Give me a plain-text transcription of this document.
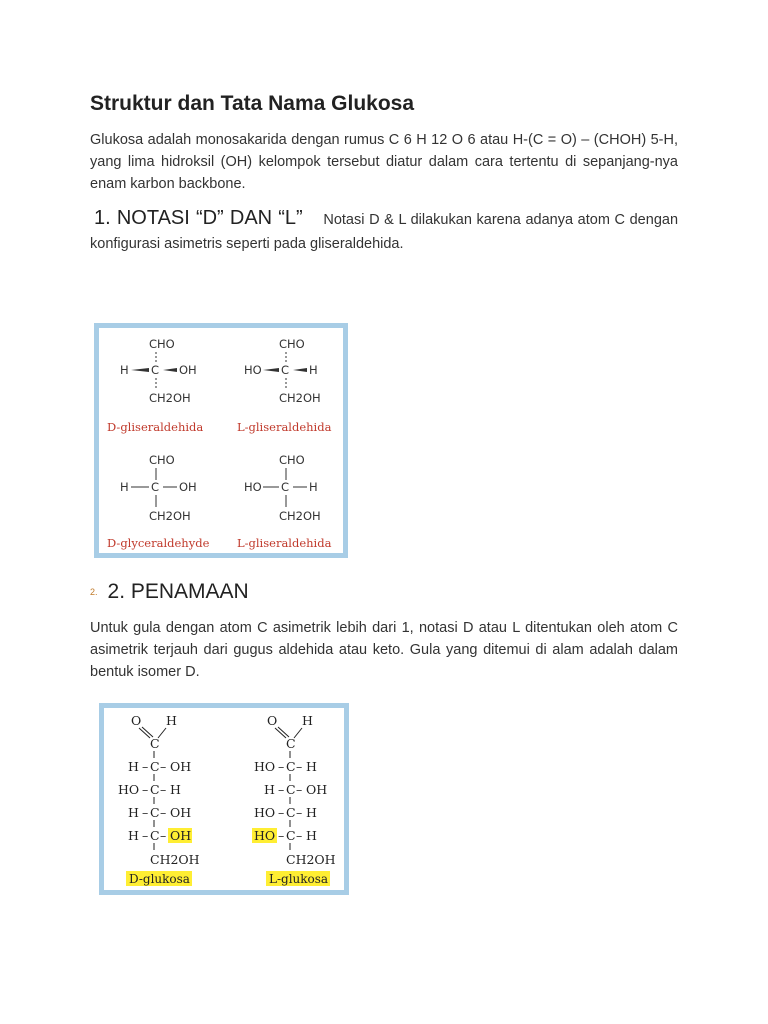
Struktur dan Tata Nama Glukosa

Glukosa adalah monosakarida dengan rumus C 6 H 12 O 6 atau H-(C = O) – (CHOH) 5-H, yang lima hidroksil (OH) kelompok tersebut diatur dalam cara tertentu di sepanjang-nya enam karbon backbone.

1. NOTASI “D” DAN “L” Notasi D & L dilakukan karena adanya atom C dengan konfigurasi asimetris seperti pada gliseraldehida.

CHO
C
H	OH
CH2OH
D-gliseraldehida
CHO
C
HO	H
CH2OH
L-gliseraldehida
CHO
C
H	OH
CH2OH
D-glyceraldehyde
CHO
C
HO	H
CH2OH
L-gliseraldehida
2. 2. PENAMAAN

Untuk gula dengan atom C asimetrik lebih dari 1, notasi D atau L ditentukan oleh atom C asimetrik terjauh dari gugus aldehida atau keto. Gula yang ditemui di alam adalah dalam bentuk isomer D.

O H
C
H – C – OH
HO – C – H
H – C – OH
H – C – OH
CH2OH
D-glukosa
O H
C
HO – C – H
H – C – OH
HO – C – H
HO – C – H
CH2OH
L-glukosa
